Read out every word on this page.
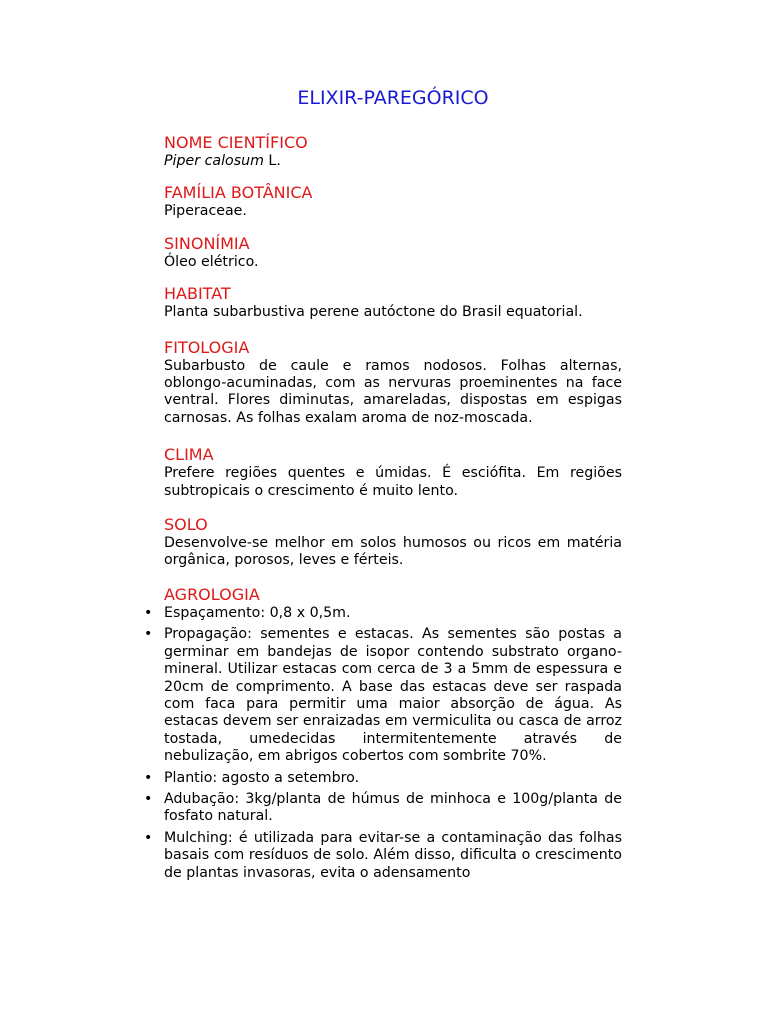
ELIXIR-PAREGÓRICO

NOME CIENTÍFICO

Piper calosum L.

FAMÍLIA BOTÂNICA

Piperaceae.

SINONÍMIA

Óleo elétrico.

HABITAT

Planta subarbustiva perene autóctone do Brasil equatorial.

FITOLOGIA

Subarbusto de caule e ramos nodosos. Folhas alternas, oblongo-acuminadas, com as nervuras proeminentes na face ventral. Flores diminutas, amareladas, dispostas em espigas carnosas. As folhas exalam aroma de noz-moscada.

CLIMA

Prefere regiões quentes e úmidas. É esciófita. Em regiões subtropicais o crescimento é muito lento.

SOLO

Desenvolve-se melhor em solos humosos ou ricos em matéria orgânica, porosos, leves e férteis.

AGROLOGIA

• Espaçamento: 0,8 x 0,5m.
• Propagação: sementes e estacas. As sementes são postas a germinar em bandejas de isopor contendo substrato organo-mineral. Utilizar estacas com cerca de 3 a 5mm de espessura e 20cm de comprimento. A base das estacas deve ser raspada com faca para permitir uma maior absorção de água. As estacas devem ser enraizadas em vermiculita ou casca de arroz tostada, umedecidas intermitentemente através de nebulização, em abrigos cobertos com sombrite 70%.
• Plantio: agosto a setembro.
• Adubação: 3kg/planta de húmus de minhoca e 100g/planta de fosfato natural.
• Mulching: é utilizada para evitar-se a contaminação das folhas basais com resíduos de solo. Além disso, dificulta o crescimento de plantas invasoras, evita o adensamento
